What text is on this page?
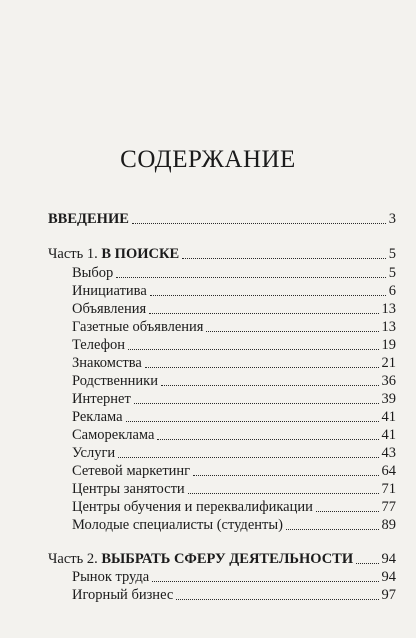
СОДЕРЖАНИЕ
ВВЕДЕНИЕ	3
Часть 1. В ПОИСКЕ	5
Выбор	5
Инициатива	6
Объявления	13
Газетные объявления	13
Телефон	19
Знакомства	21
Родственники	36
Интернет	39
Реклама	41
Самореклама	41
Услуги	43
Сетевой маркетинг	64
Центры занятости	71
Центры обучения и переквалификации	77
Молодые специалисты (студенты)	89
Часть 2. ВЫБРАТЬ СФЕРУ ДЕЯТЕЛЬНОСТИ 94
Рынок труда	94
Игорный бизнес	97
